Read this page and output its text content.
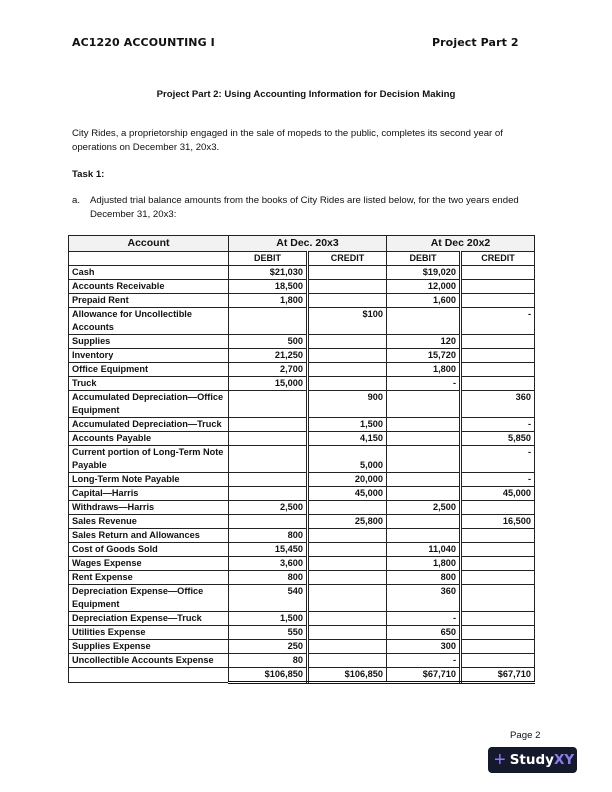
AC1220 ACCOUNTING I	Project Part 2
Project Part 2: Using Accounting Information for Decision Making
City Rides, a proprietorship engaged in the sale of mopeds to the public, completes its second year of operations on December 31, 20x3.
Task 1:
a. Adjusted trial balance amounts from the books of City Rides are listed below, for the two years ended December 31, 20x3:
Account	At Dec. 20x3		At Dec 20x2	
	DEBIT	CREDIT	DEBIT	CREDIT
Cash	$21,030		$19,020	
Accounts Receivable	18,500		12,000	
Prepaid Rent	1,800		1,600	
Allowance for Uncollectible Accounts		$100		-
Supplies	500		120	
Inventory	21,250		15,720	
Office Equipment	2,700		1,800	
Truck	15,000		-	
Accumulated Depreciation—Office Equipment		900		360
Accumulated Depreciation—Truck		1,500		-
Accounts Payable		4,150		5,850
Current portion of Long-Term Note Payable		5,000		-
Long-Term Note Payable		20,000		-
Capital—Harris		45,000		45,000
Withdraws—Harris	2,500		2,500	
Sales Revenue		25,800		16,500
Sales Return and Allowances	800			
Cost of Goods Sold	15,450		11,040	
Wages Expense	3,600		1,800	
Rent Expense	800		800	
Depreciation Expense—Office Equipment	540		360	
Depreciation Expense—Truck	1,500		-	
Utilities Expense	550		650	
Supplies Expense	250		300	
Uncollectible Accounts Expense	80		-	
	$106,850	$106,850	$67,710	$67,710
Page 2
+ StudyXY
